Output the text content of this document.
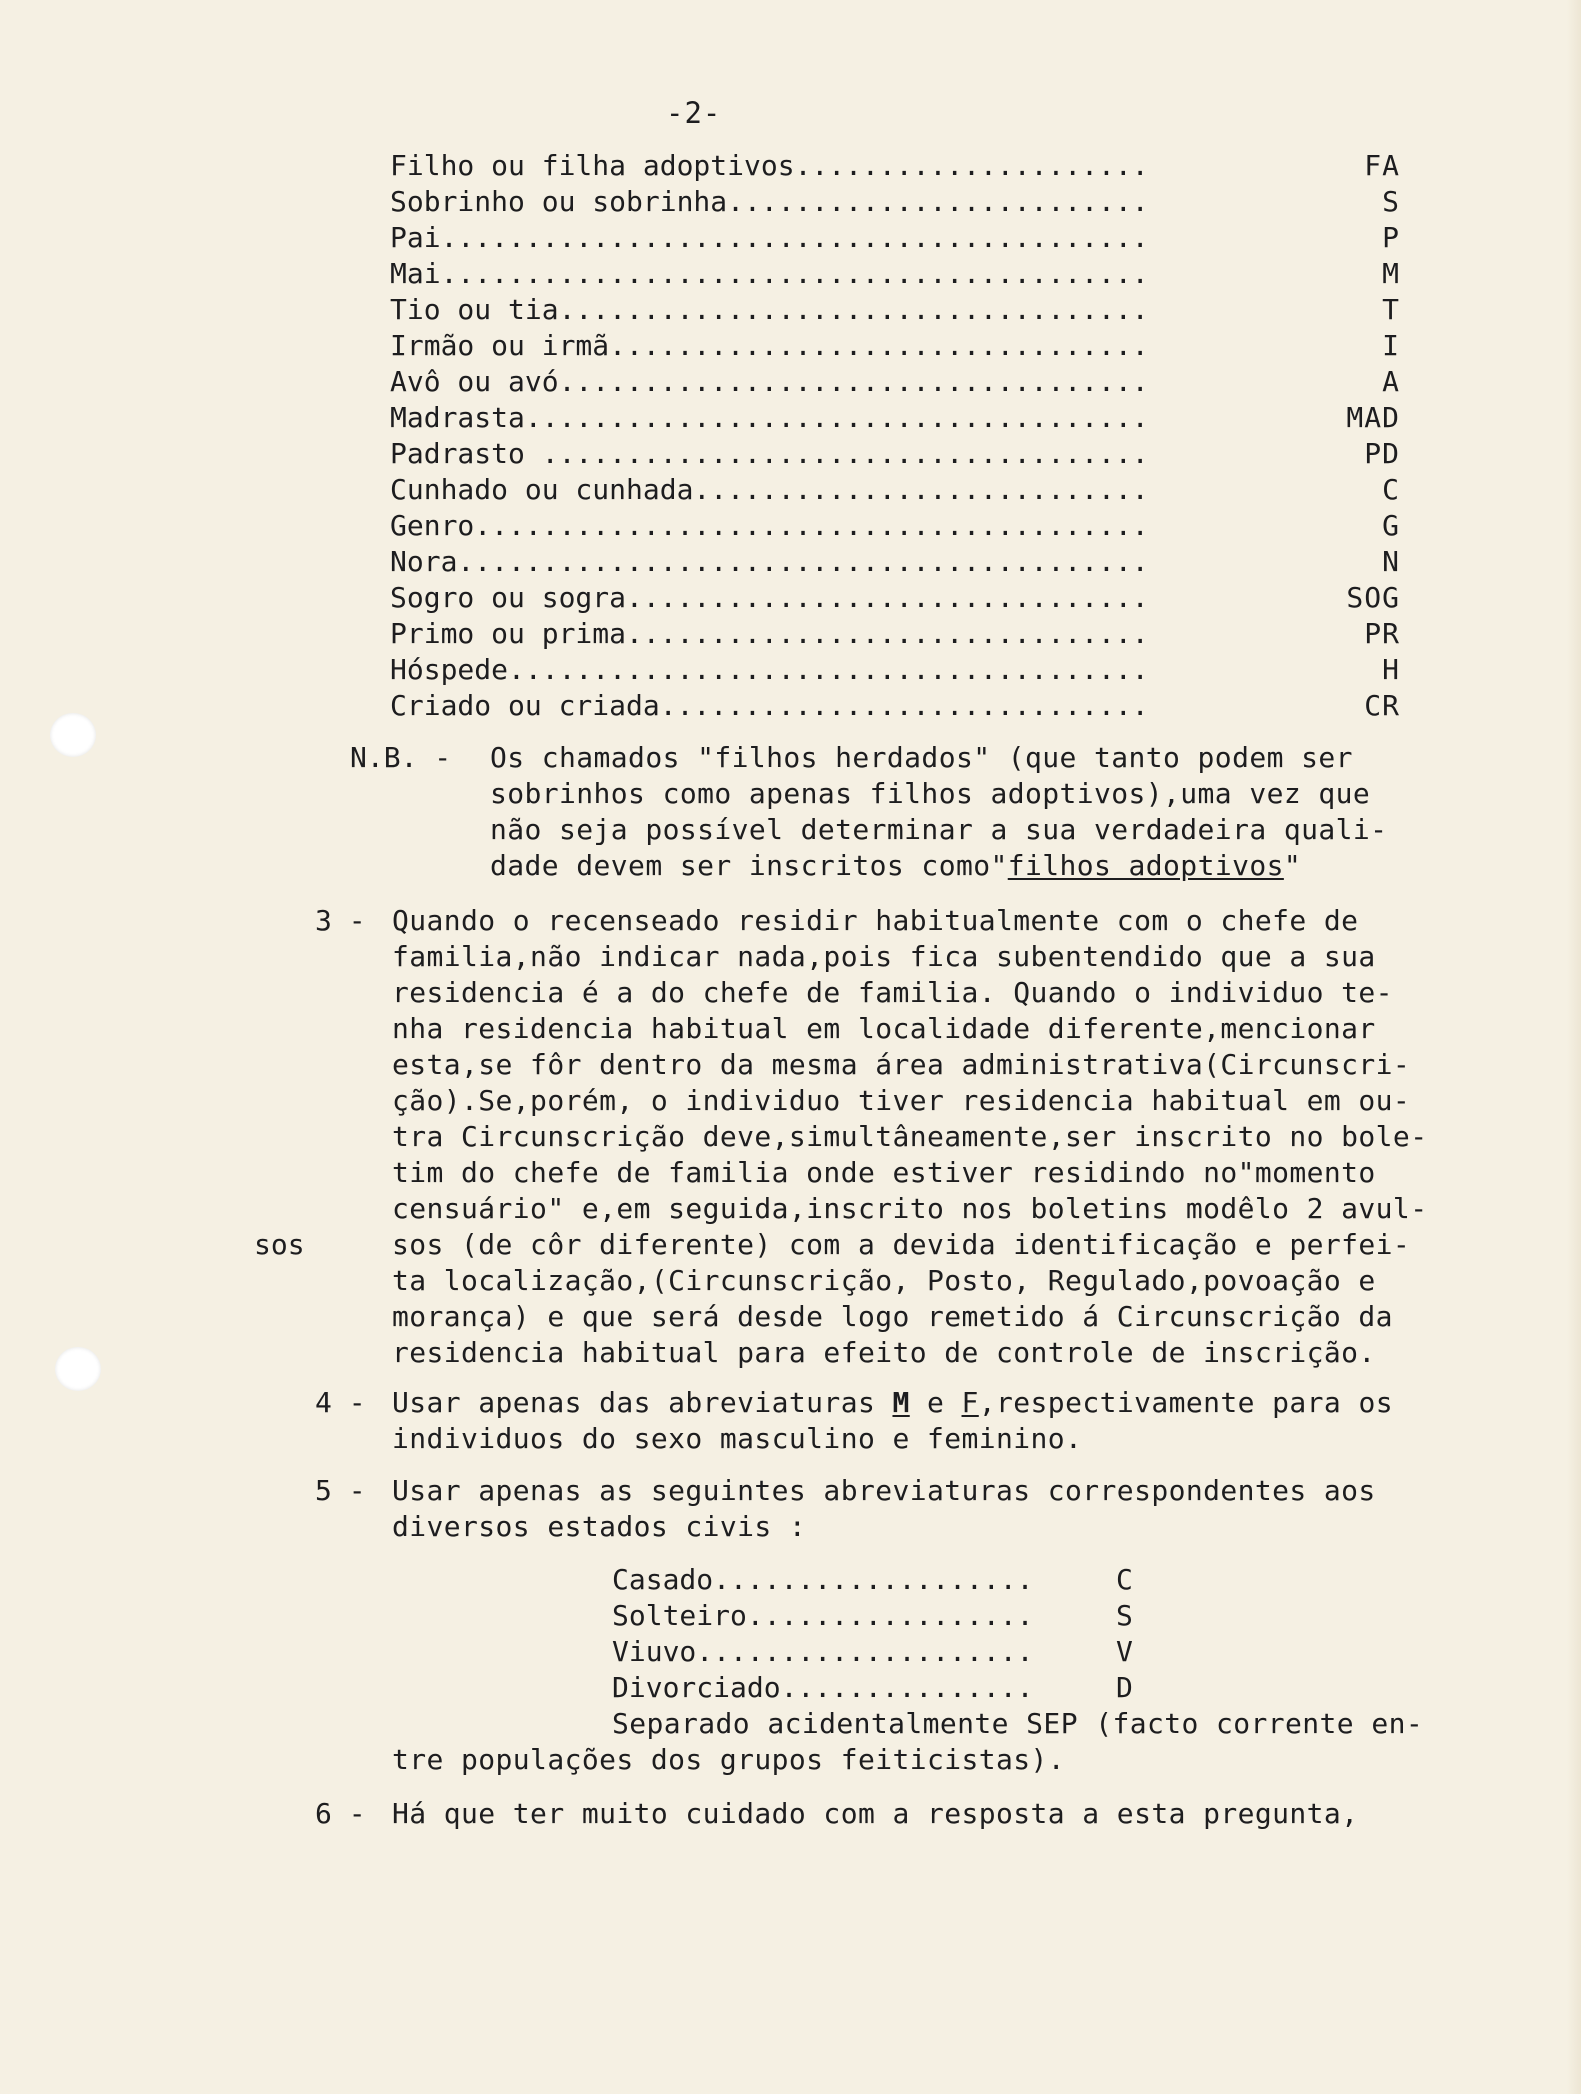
-2-
Filho ou filha adoptivos.....................	FA
Sobrinho ou sobrinha.........................	S
Pai..........................................	P
Mai..........................................	M
Tio ou tia...................................	T
Irmão ou irmã................................	I
Avô ou avó...................................	A
Madrasta.....................................	MAD
Padrasto ....................................	PD
Cunhado ou cunhada...........................	C
Genro........................................	G
Nora.........................................	N
Sogro ou sogra...............................	SOG
Primo ou prima...............................	PR
Hóspede......................................	H
Criado ou criada.............................	CR
N.B. - Os chamados "filhos herdados" (que tanto podem ser
sobrinhos como apenas filhos adoptivos),uma vez que
não seja possível determinar a sua verdadeira quali-
dade devem ser inscritos como"filhos adoptivos"
3 -
sos
Quando o recenseado residir habitualmente com o chefe de
familia,não indicar nada,pois fica subentendido que a sua
residencia é a do chefe de familia. Quando o individuo te-
nha residencia habitual em localidade diferente,mencionar
esta,se fôr dentro da mesma área administrativa(Circunscri-
ção).Se,porém, o individuo tiver residencia habitual em ou-
tra Circunscrição deve,simultâneamente,ser inscrito no bole-
tim do chefe de familia onde estiver residindo no"momento
censuário" e,em seguida,inscrito nos boletins modêlo 2 avul-
sos (de côr diferente) com a devida identificação e perfei-
ta localização,(Circunscrição, Posto, Regulado,povoação e
morança) e que será desde logo remetido á Circunscrição da
residencia habitual para efeito de controle de inscrição.
4 - Usar apenas das abreviaturas M e F,respectivamente para os
individuos do sexo masculino e feminino.
5 - Usar apenas as seguintes abreviaturas correspondentes aos
diversos estados civis :
Casado...................	C
Solteiro.................	S
Viuvo....................	V
Divorciado...............	D
Separado acidentalmente SEP (facto corrente en-
tre populações dos grupos feiticistas).
6 - Há que ter muito cuidado com a resposta a esta pregunta,
